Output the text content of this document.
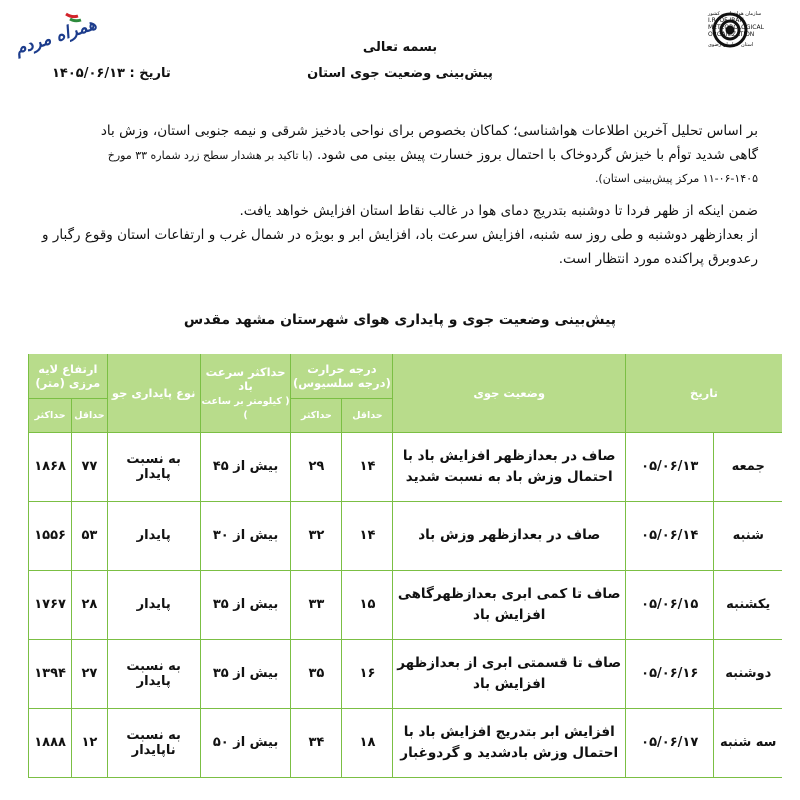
همراه مردم
سازمان هواشناسی کشور
I.R. OF IRAN
METEOROLOGICAL
ORGANIZATION
استان خراسان رضوی
بسمه تعالی
پیش‌بینی وضعیت جوی استان
تاریخ : ۱۴۰۵/۰۶/۱۳
بر اساس تحلیل آخرین اطلاعات هواشناسی؛ کماکان بخصوص برای نواحی بادخیز شرقی و نیمه جنوبی استان، وزش باد
گاهی شدید توأم با خیزش گردوخاک با احتمال بروز خسارت پیش بینی می شود. (با تاکید بر هشدار سطح زرد شماره ۳۳ مورخ
۱۱-۰۶-۱۴۰۵ مرکز پیش‌بینی استان).
ضمن اینکه از ظهر فردا تا دوشنبه بتدریج دمای هوا در غالب نقاط استان افزایش خواهد یافت.
از بعدازظهر دوشنبه و طی روز سه شنبه، افزایش سرعت باد، افزایش ابر و بویژه در شمال غرب و ارتفاعات استان وقوع رگبار و
رعدوبرق پراکنده مورد انتظار است.
پیش‌بینی وضعیت جوی و پایداری هوای شهرستان مشهد مقدس
تاریخ		وضعیت جوی	درجه حرارت
(درجه سلسیوس)		حداکثر سرعت باد
( کیلومتر بر ساعت )	نوع پایداری جو	ارتفاع لایه مرزی (متر)	
			حداقل	حداکثر			حداقل	حداکثر
جمعه	۰۵/۰۶/۱۳	صاف در بعدازظهر افزایش باد با احتمال وزش باد به نسبت شدید	۱۴	۲۹	بیش از ۴۵	به نسبت پایدار	۷۷	۱۸۶۸
شنبه	۰۵/۰۶/۱۴	صاف در بعدازظهر وزش باد	۱۴	۳۲	بیش از ۳۰	پایدار	۵۳	۱۵۵۶
یکشنبه	۰۵/۰۶/۱۵	صاف تا کمی ابری بعدازظهرگاهی افزایش باد	۱۵	۳۳	بیش از ۳۵	پایدار	۲۸	۱۷۶۷
دوشنبه	۰۵/۰۶/۱۶	صاف تا قسمتی ابری از بعدازظهر افزایش باد	۱۶	۳۵	بیش از ۳۵	به نسبت پایدار	۲۷	۱۳۹۴
سه شنبه	۰۵/۰۶/۱۷	افزایش ابر بتدریج افزایش باد با احتمال وزش بادشدید و گردوغبار	۱۸	۳۴	بیش از ۵۰	به نسبت ناپایدار	۱۲	۱۸۸۸
